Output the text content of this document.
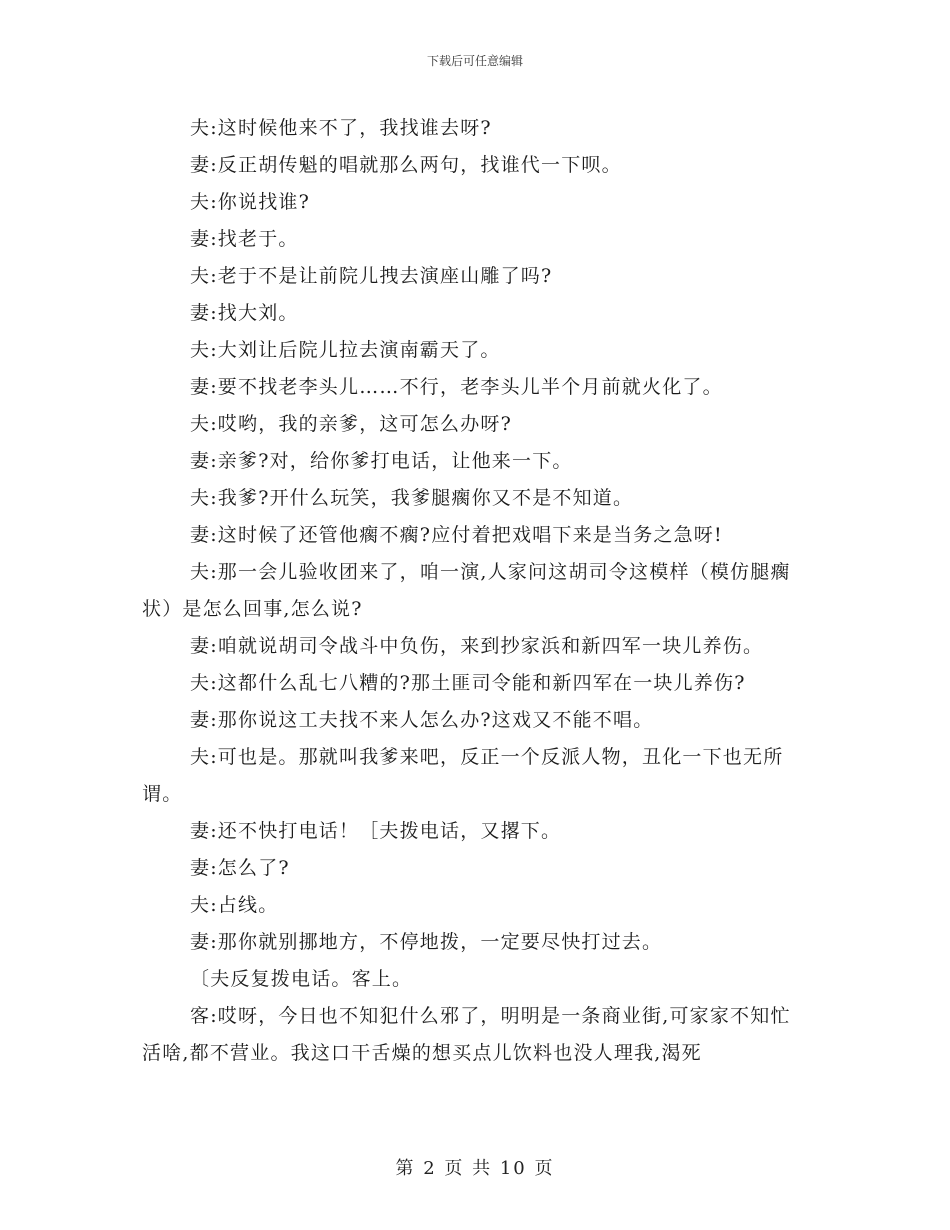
下载后可任意编辑

夫:这时候他来不了，我找谁去呀?

妻:反正胡传魁的唱就那么两句，找谁代一下呗。

夫:你说找谁?

妻:找老于。

夫:老于不是让前院儿拽去演座山雕了吗?

妻:找大刘。

夫:大刘让后院儿拉去演南霸天了。

妻:要不找老李头儿……不行，老李头儿半个月前就火化了。

夫:哎哟，我的亲爹，这可怎么办呀?

妻:亲爹?对，给你爹打电话，让他来一下。

夫:我爹?开什么玩笑，我爹腿瘸你又不是不知道。

妻:这时候了还管他瘸不瘸?应付着把戏唱下来是当务之急呀!

夫:那一会儿验收团来了，咱一演,人家问这胡司令这模样（模仿腿瘸状）是怎么回事,怎么说?

妻:咱就说胡司令战斗中负伤，来到抄家浜和新四军一块儿养伤。

夫:这都什么乱七八糟的?那土匪司令能和新四军在一块儿养伤?

妻:那你说这工夫找不来人怎么办?这戏又不能不唱。

夫:可也是。那就叫我爹来吧，反正一个反派人物，丑化一下也无所谓。

妻:还不快打电话！［夫拨电话，又撂下。

妻:怎么了?

夫:占线。

妻:那你就别挪地方，不停地拨，一定要尽快打过去。

〔夫反复拨电话。客上。

客:哎呀，今日也不知犯什么邪了，明明是一条商业街,可家家不知忙活啥,都不营业。我这口干舌燥的想买点儿饮料也没人理我,渴死

第 2 页 共 10 页
